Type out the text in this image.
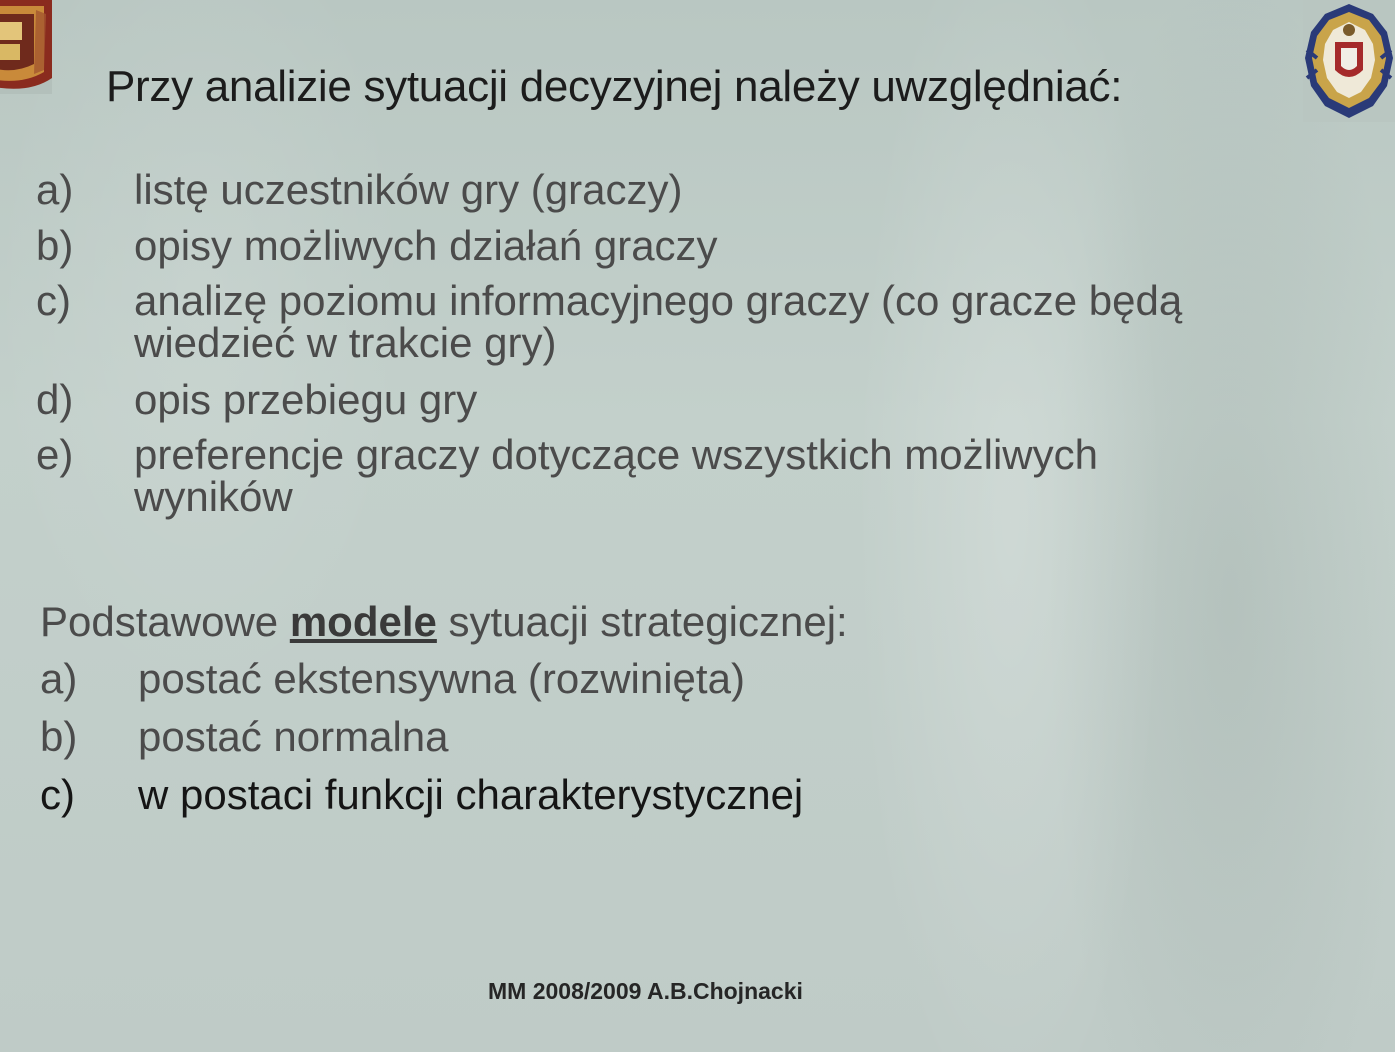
Przy analizie sytuacji decyzyjnej należy uwzględniać:
a) listę uczestników gry (graczy)
b) opisy możliwych działań graczy
c) analizę poziomu informacyjnego graczy (co gracze będą wiedzieć w trakcie gry)
d) opis przebiegu gry
e) preferencje graczy dotyczące wszystkich możliwych wyników
Podstawowe modele sytuacji strategicznej:
a) postać ekstensywna (rozwinięta)
b) postać normalna
c) w postaci funkcji charakterystycznej
MM 2008/2009 A.B.Chojnacki
